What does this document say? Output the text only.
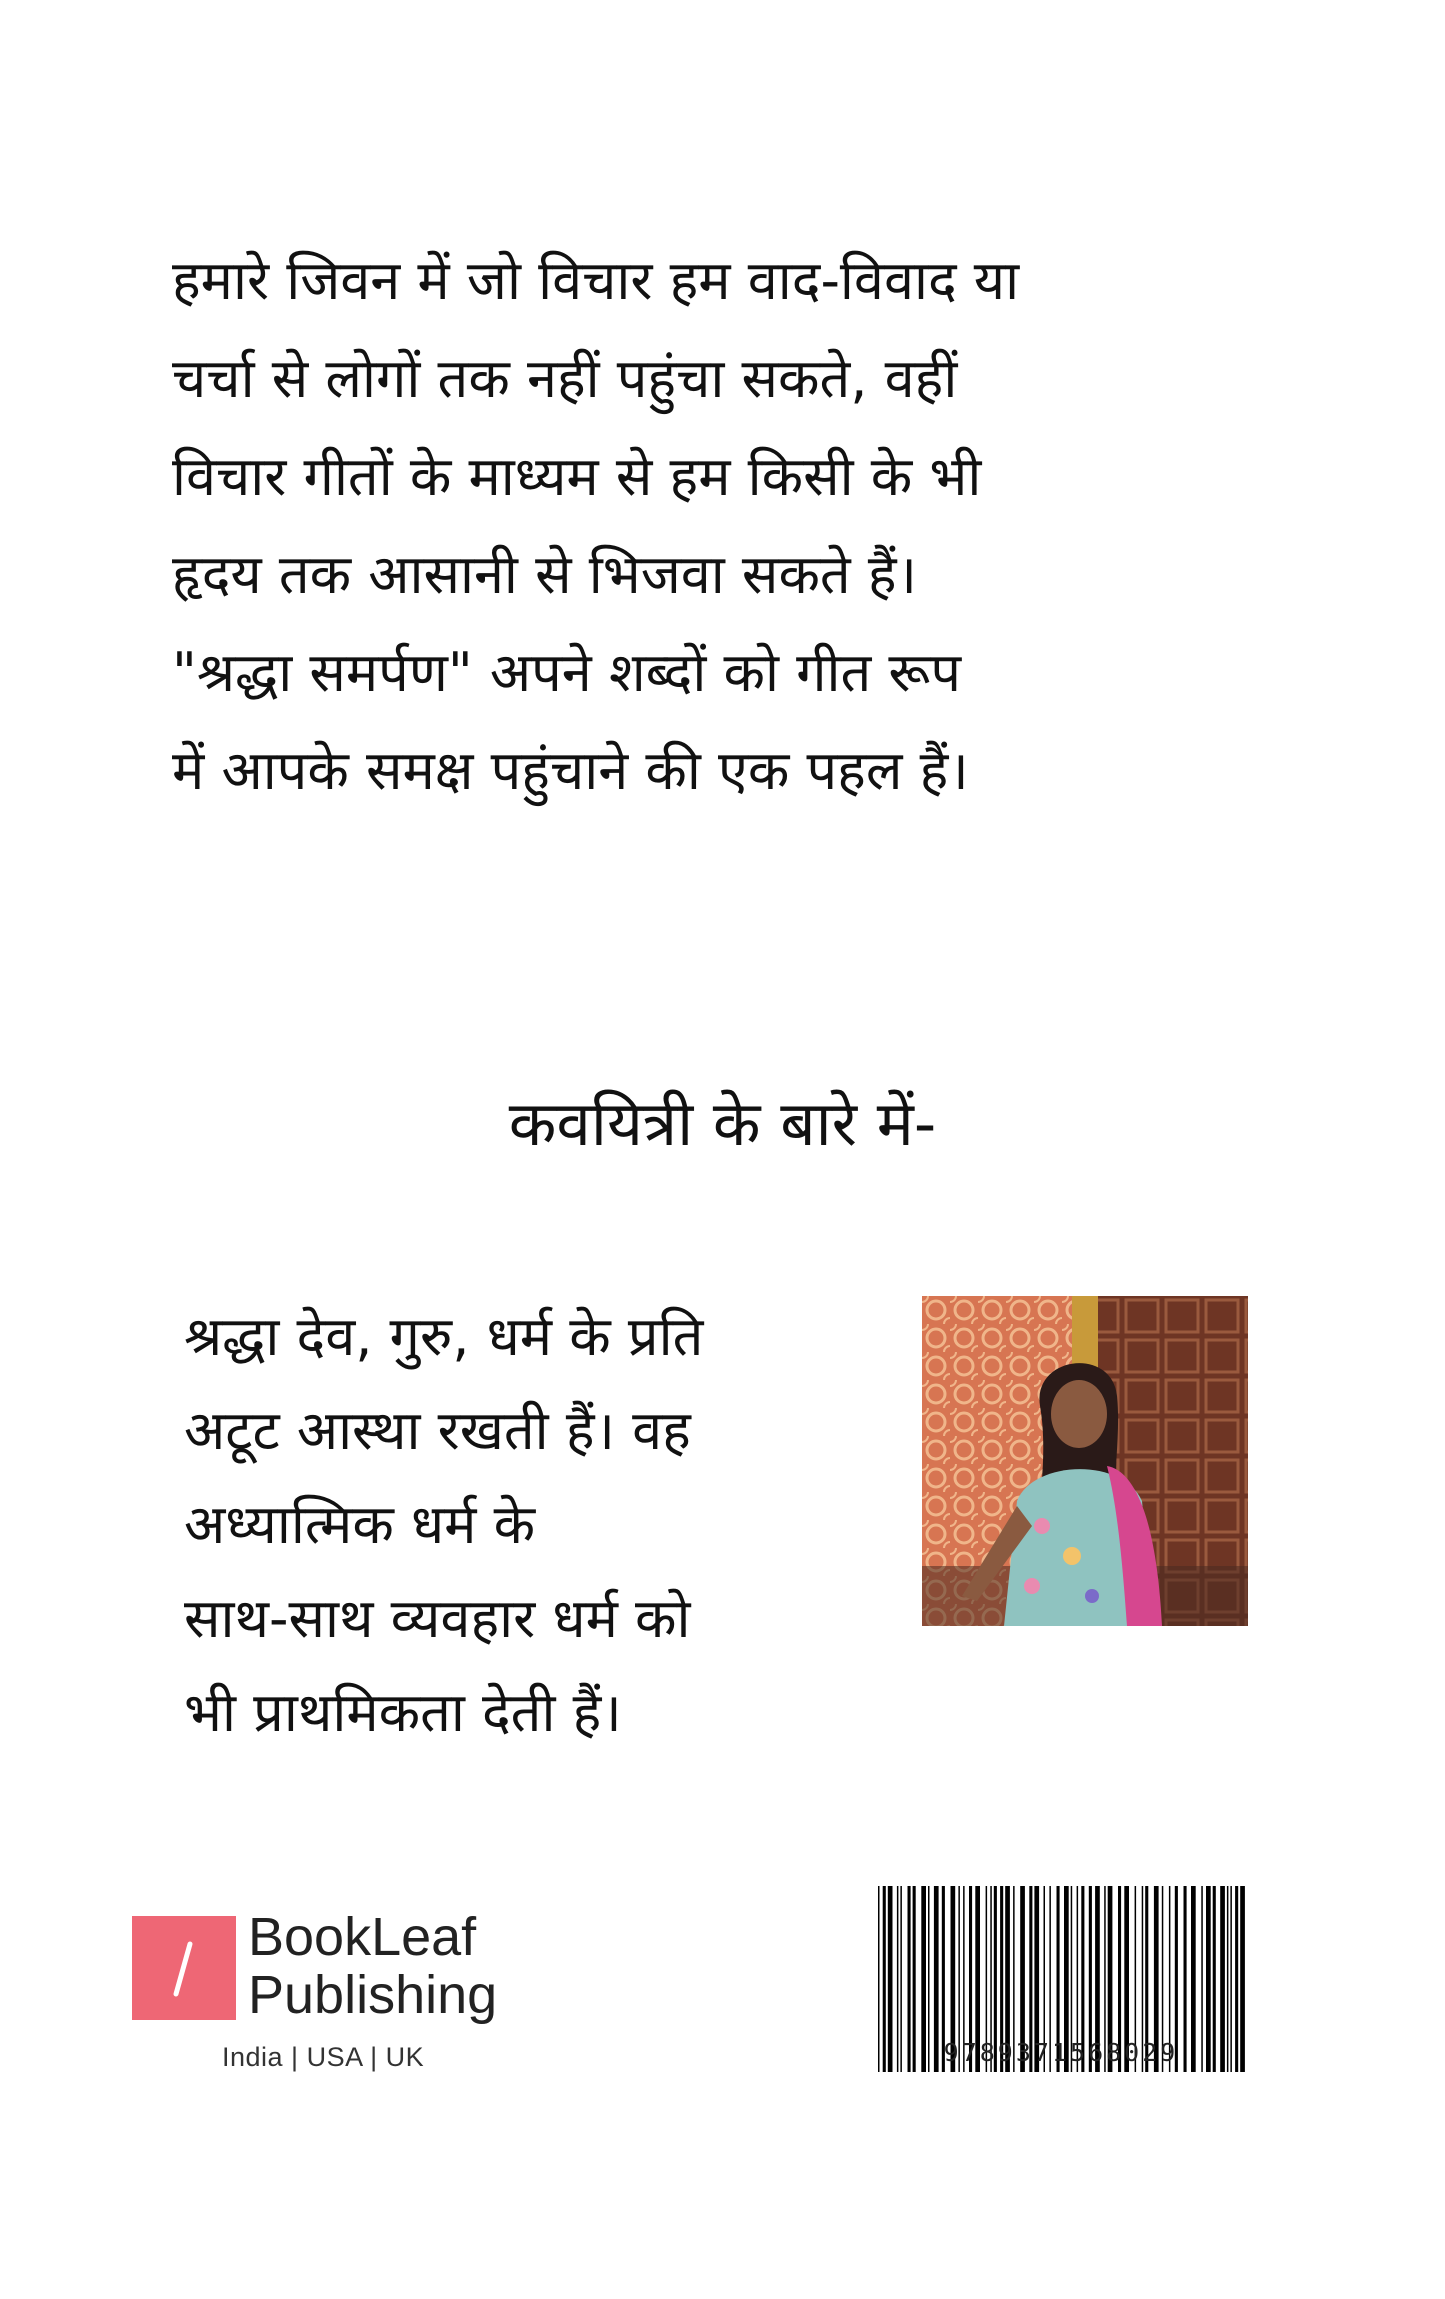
हमारे जिवन में जो विचार हम वाद-विवाद या
चर्चा से लोगों तक नहीं पहुंचा सकते, वहीं
विचार गीतों के माध्यम से हम किसी के भी
हृदय तक आसानी से भिजवा सकते हैं।
"श्रद्धा समर्पण" अपने शब्दों को गीत रूप
में आपके समक्ष पहुंचाने की एक पहल हैं।
कवयित्री के बारे में-
श्रद्धा देव, गुरु, धर्म के प्रति
अटूट आस्था रखती हैं। वह
अध्यात्मिक धर्म के
साथ-साथ व्यवहार धर्म को
भी प्राथमिकता देती हैं।
BookLeaf
Publishing
India | USA | UK	9789371568029
